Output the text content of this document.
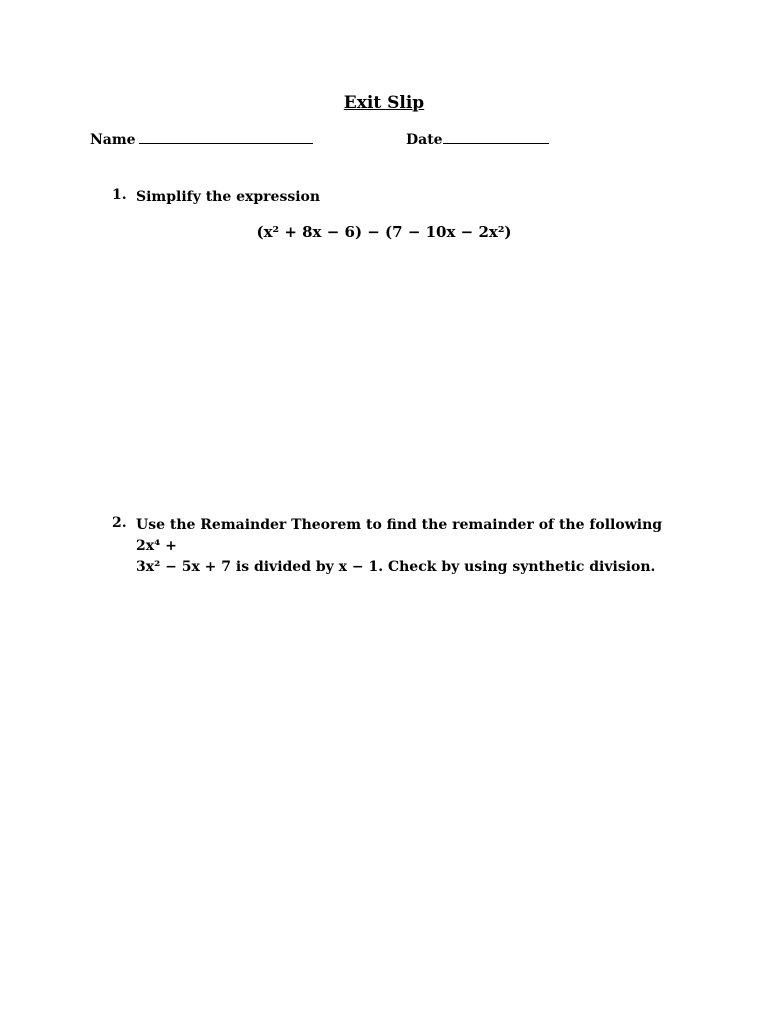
Exit Slip
Name	Date
1. Simplify the expression
(x² + 8x − 6) − (7 − 10x − 2x²)
2. Use the Remainder Theorem to find the remainder of the following 2x⁴ +
3x² − 5x + 7 is divided by x − 1. Check by using synthetic division.
